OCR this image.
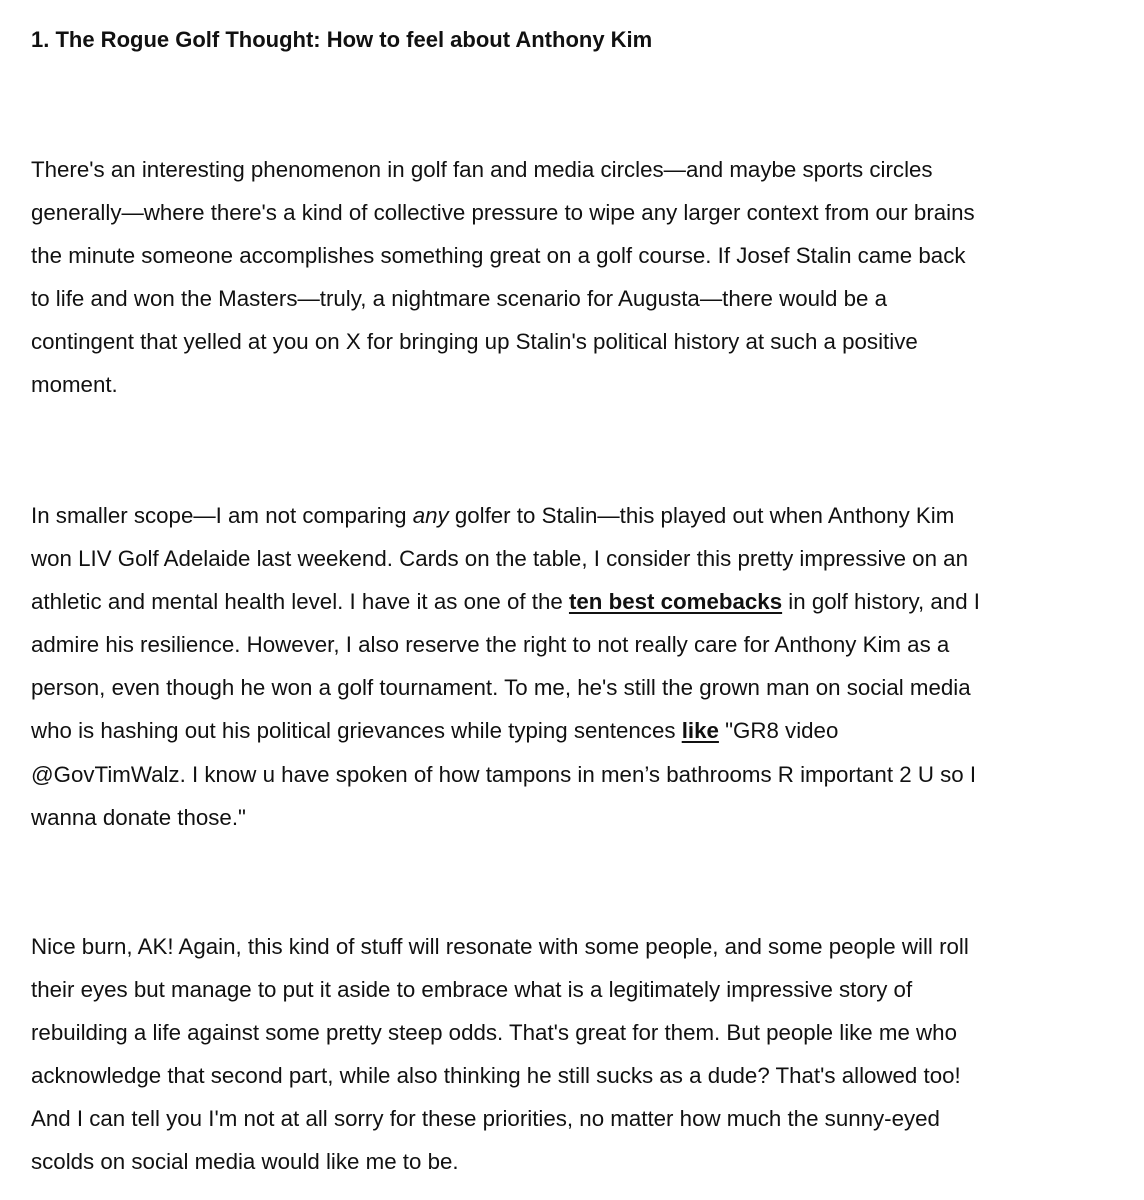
1. The Rogue Golf Thought: How to feel about Anthony Kim

There's an interesting phenomenon in golf fan and media circles—and maybe sports circles
generally—where there's a kind of collective pressure to wipe any larger context from our brains
the minute someone accomplishes something great on a golf course. If Josef Stalin came back
to life and won the Masters—truly, a nightmare scenario for Augusta—there would be a
contingent that yelled at you on X for bringing up Stalin's political history at such a positive
moment.

In smaller scope—I am not comparing any golfer to Stalin—this played out when Anthony Kim
won LIV Golf Adelaide last weekend. Cards on the table, I consider this pretty impressive on an
athletic and mental health level. I have it as one of the ten best comebacks in golf history, and I
admire his resilience. However, I also reserve the right to not really care for Anthony Kim as a
person, even though he won a golf tournament. To me, he's still the grown man on social media
who is hashing out his political grievances while typing sentences like "GR8 video
@GovTimWalz. I know u have spoken of how tampons in men’s bathrooms R important 2 U so I
wanna donate those."

Nice burn, AK! Again, this kind of stuff will resonate with some people, and some people will roll
their eyes but manage to put it aside to embrace what is a legitimately impressive story of
rebuilding a life against some pretty steep odds. That's great for them. But people like me who
acknowledge that second part, while also thinking he still sucks as a dude? That's allowed too!
And I can tell you I'm not at all sorry for these priorities, no matter how much the sunny-eyed
scolds on social media would like me to be.
